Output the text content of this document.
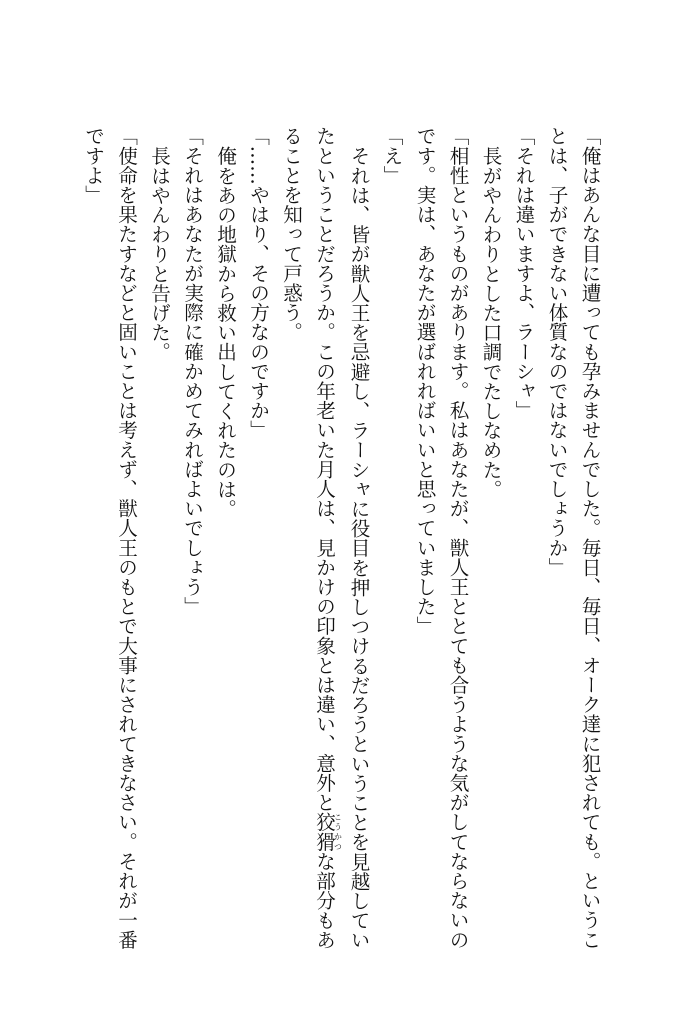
「俺はあんな目に遭っても孕みませんでした。毎日、毎日、オーク達に犯されても。というこ
とは、子ができない体質なのではないでしょうか」
「それは違いますよ、ラーシャ」
長がやんわりとした口調でたしなめた。
「相性というものがあります。私はあなたが、獣人王ととても合うような気がしてならないの
です。実は、あなたが選ばれればいいと思っていました」
「え」
それは、皆が獣人王を忌避し、ラーシャに役目を押しつけるだろうということを見越してい
たということだろうか。この年老いた月人は、見かけの印象とは違い、意外と狡猾こうかつな部分もあ
ることを知って戸惑う。
「……やはり、その方なのですか」
俺をあの地獄から救い出してくれたのは。
「それはあなたが実際に確かめてみればよいでしょう」
長はやんわりと告げた。
「使命を果たすなどと固いことは考えず、獣人王のもとで大事にされてきなさい。それが一番
ですよ」
